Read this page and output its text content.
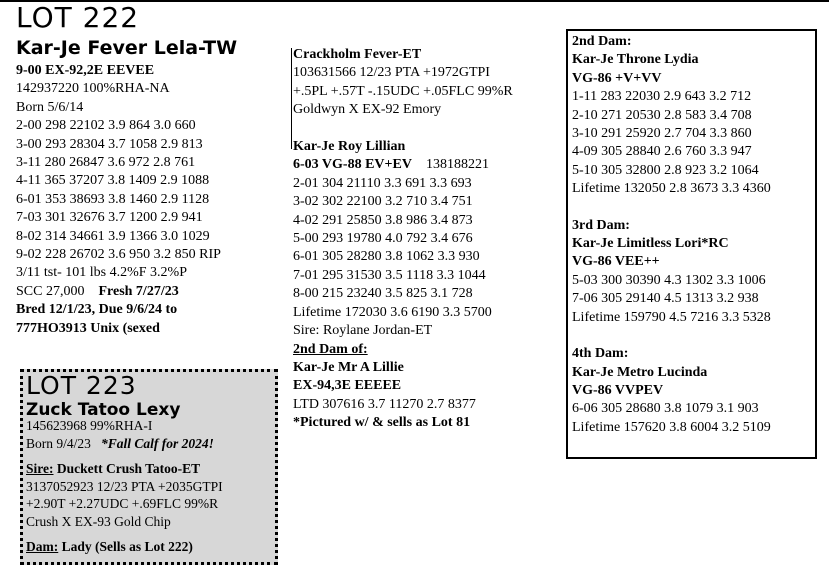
LOT 222
Kar-Je Fever Lela-TW
9-00 EX-92,2E EEVEE
142937220 100%RHA-NA
Born 5/6/14
2-00 298 22102 3.9 864 3.0 660
3-00 293 28304 3.7 1058 2.9 813
3-11 280 26847 3.6 972 2.8 761
4-11 365 37207 3.8 1409 2.9 1088
6-01 353 38693 3.8 1460 2.9 1128
7-03 301 32676 3.7 1200 2.9 941
8-02 314 34661 3.9 1366 3.0 1029
9-02 228 26702 3.6 950 3.2 850 RIP
3/11 tst- 101 lbs 4.2%F 3.2%P
SCC 27,000 Fresh 7/27/23
Bred 12/1/23, Due 9/6/24 to
777HO3913 Unix (sexed
Crackholm Fever-ET
103631566 12/23 PTA +1972GTPI
+.5PL +.57T -.15UDC +.05FLC 99%R
Goldwyn X EX-92 Emory

Kar-Je Roy Lillian
6-03 VG-88 EV+EV 138188221
2-01 304 21110 3.3 691 3.3 693
3-02 302 22100 3.2 710 3.4 751
4-02 291 25850 3.8 986 3.4 873
5-00 293 19780 4.0 792 3.4 676
6-01 305 28280 3.8 1062 3.3 930
7-01 295 31530 3.5 1118 3.3 1044
8-00 215 23240 3.5 825 3.1 728
Lifetime 172030 3.6 6190 3.3 5700
Sire: Roylane Jordan-ET
2nd Dam of:
Kar-Je Mr A Lillie
EX-94,3E EEEEE
LTD 307616 3.7 11270 2.7 8377
*Pictured w/ & sells as Lot 81
2nd Dam:
Kar-Je Throne Lydia
VG-86 +V+VV
1-11 283 22030 2.9 643 3.2 712
2-10 271 20530 2.8 583 3.4 708
3-10 291 25920 2.7 704 3.3 860
4-09 305 28840 2.6 760 3.3 947
5-10 305 32800 2.8 923 3.2 1064
Lifetime 132050 2.8 3673 3.3 4360
3rd Dam:
Kar-Je Limitless Lori*RC
VG-86 VEE++
5-03 300 30390 4.3 1302 3.3 1006
7-06 305 29140 4.5 1313 3.2 938
Lifetime 159790 4.5 7216 3.3 5328
4th Dam:
Kar-Je Metro Lucinda
VG-86 VVPEV
6-06 305 28680 3.8 1079 3.1 903
Lifetime 157620 3.8 6004 3.2 5109
LOT 223
Zuck Tatoo Lexy
145623968 99%RHA-I
Born 9/4/23 *Fall Calf for 2024!
Sire: Duckett Crush Tatoo-ET
3137052923 12/23 PTA +2035GTPI
+2.90T +2.27UDC +.69FLC 99%R
Crush X EX-93 Gold Chip
Dam: Lady (Sells as Lot 222)
